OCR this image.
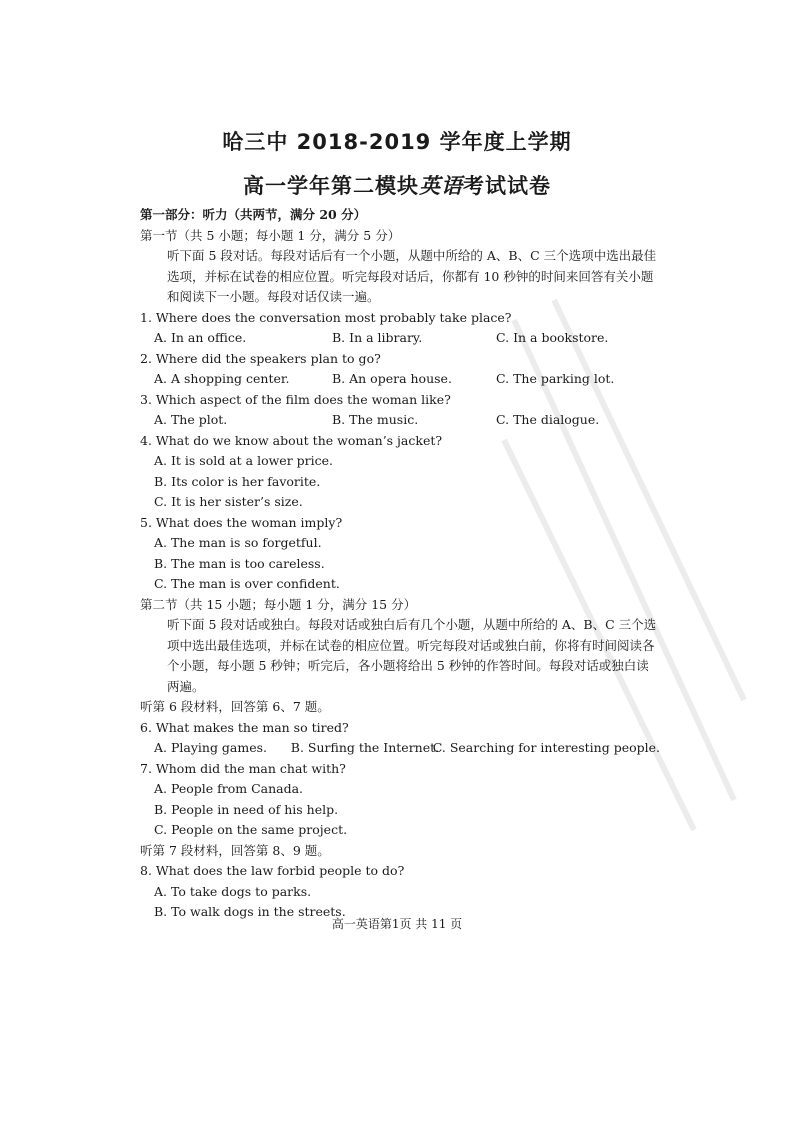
哈三中 2018-2019 学年度上学期
高一学年第二模块英语考试试卷
第一部分：听力（共两节，满分 20 分）
第一节（共 5 小题；每小题 1 分，满分 5 分）
听下面 5 段对话。每段对话后有一个小题，从题中所给的 A、B、C 三个选项中选出最佳选项，并标在试卷的相应位置。听完每段对话后，你都有 10 秒钟的时间来回答有关小题和阅读下一小题。每段对话仅读一遍。
1. Where does the conversation most probably take place?
A. In an office.	B. In a library.	C. In a bookstore.
2. Where did the speakers plan to go?
A. A shopping center.	B. An opera house.	C. The parking lot.
3. Which aspect of the film does the woman like?
A. The plot.	B. The music.	C. The dialogue.
4. What do we know about the woman’s jacket?
A. It is sold at a lower price.
B. Its color is her favorite.
C. It is her sister’s size.
5. What does the woman imply?
A. The man is so forgetful.
B. The man is too careless.
C. The man is over confident.
第二节（共 15 小题；每小题 1 分，满分 15 分）
听下面 5 段对话或独白。每段对话或独白后有几个小题，从题中所给的 A、B、C 三个选项中选出最佳选项，并标在试卷的相应位置。听完每段对话或独白前，你将有时间阅读各个小题，每小题 5 秒钟；听完后，各小题将给出 5 秒钟的作答时间。每段对话或独白读两遍。
听第 6 段材料，回答第 6、7 题。
6. What makes the man so tired?
A. Playing games.	B. Surfing the Internet.
C. Searching for interesting people.
7. Whom did the man chat with?
A. People from Canada.
B. People in need of his help.
C. People on the same project.
听第 7 段材料，回答第 8、9 题。
8. What does the law forbid people to do?
A. To take dogs to parks.
B. To walk dogs in the streets.
高一英语第1页 共 11 页
